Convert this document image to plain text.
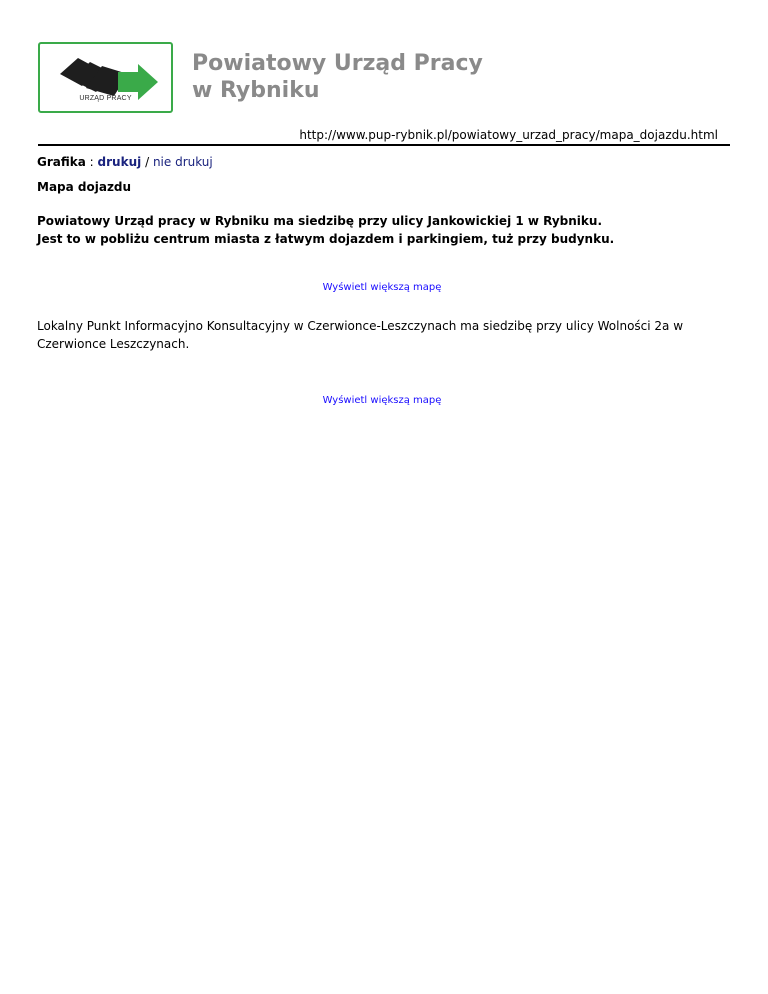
URZĄD PRACY
Powiatowy Urząd Pracy
w Rybniku
http://www.pup-rybnik.pl/powiatowy_urzad_pracy/mapa_dojazdu.html

Grafika : drukuj / nie drukuj

Mapa dojazdu

Powiatowy Urząd pracy w Rybniku ma siedzibę przy ulicy Jankowickiej 1 w Rybniku.
Jest to w pobliżu centrum miasta z łatwym dojazdem i parkingiem, tuż przy budynku.

Wyświetl większą mapę

Lokalny Punkt Informacyjno Konsultacyjny w Czerwionce-Leszczynach ma siedzibę przy ulicy Wolności 2a w Czerwionce Leszczynach.

Wyświetl większą mapę
